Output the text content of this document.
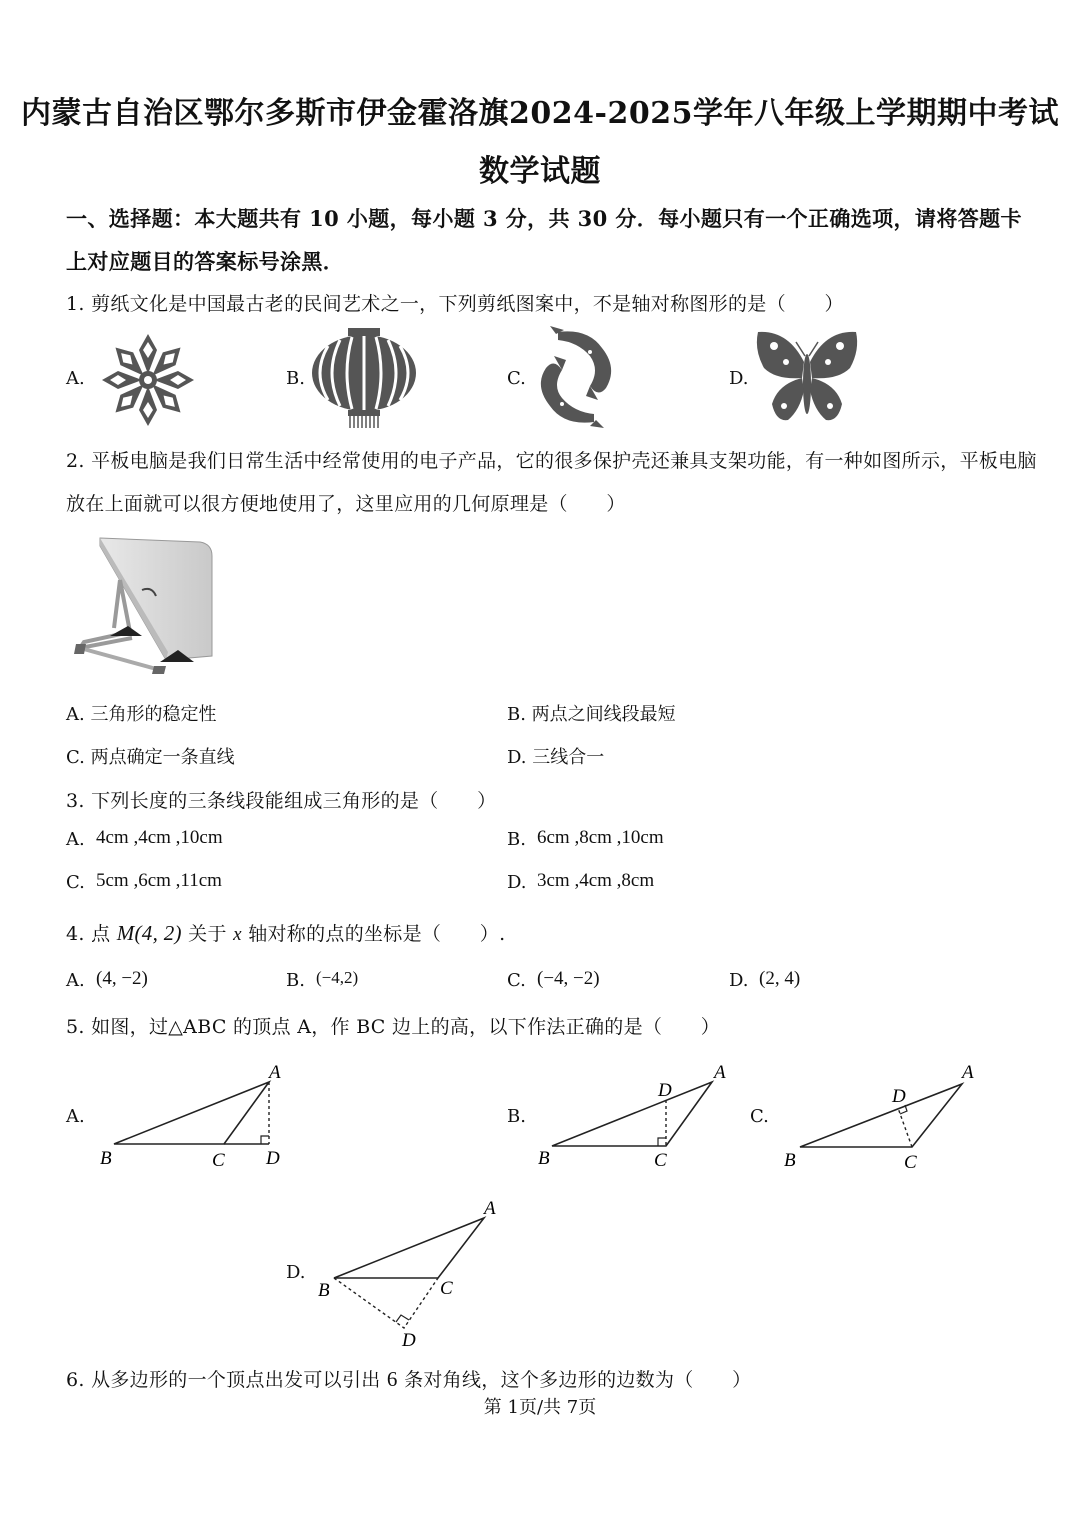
内蒙古自治区鄂尔多斯市伊金霍洛旗2024-2025学年八年级上学期期中考试
数学试题
一、选择题：本大题共有 10 小题，每小题 3 分，共 30 分．每小题只有一个正确选项，请将答题卡
上对应题目的答案标号涂黑．
1. 剪纸文化是中国最古老的民间艺术之一，下列剪纸图案中，不是轴对称图形的是（　　）
A.	B.	C.	D.
2. 平板电脑是我们日常生活中经常使用的电子产品，它的很多保护壳还兼具支架功能，有一种如图所示，平板电脑
放在上面就可以很方便地使用了，这里应用的几何原理是（　　）
A. 三角形的稳定性	B. 两点之间线段最短
C. 两点确定一条直线	D. 三线合一
3. 下列长度的三条线段能组成三角形的是（　　）
A. 4cm ,4cm ,10cm	B. 6cm ,8cm ,10cm
C. 5cm ,6cm ,11cm	D. 3cm ,4cm ,8cm
4. 点 M(4, 2) 关于 x 轴对称的点的坐标是（　　）.
A. (4, −2)	B. (−4,2)	C. (−4, −2)	D. (2, 4)
5. 如图，过△ABC 的顶点 A，作 BC 边上的高，以下作法正确的是（　　）
A.	B.	C.
D.
A
B	C D
A
D
B	C
A
D
B	C
A
B	C
D
6. 从多边形的一个顶点出发可以引出 6 条对角线，这个多边形的边数为（　　）
第 1页/共 7页
